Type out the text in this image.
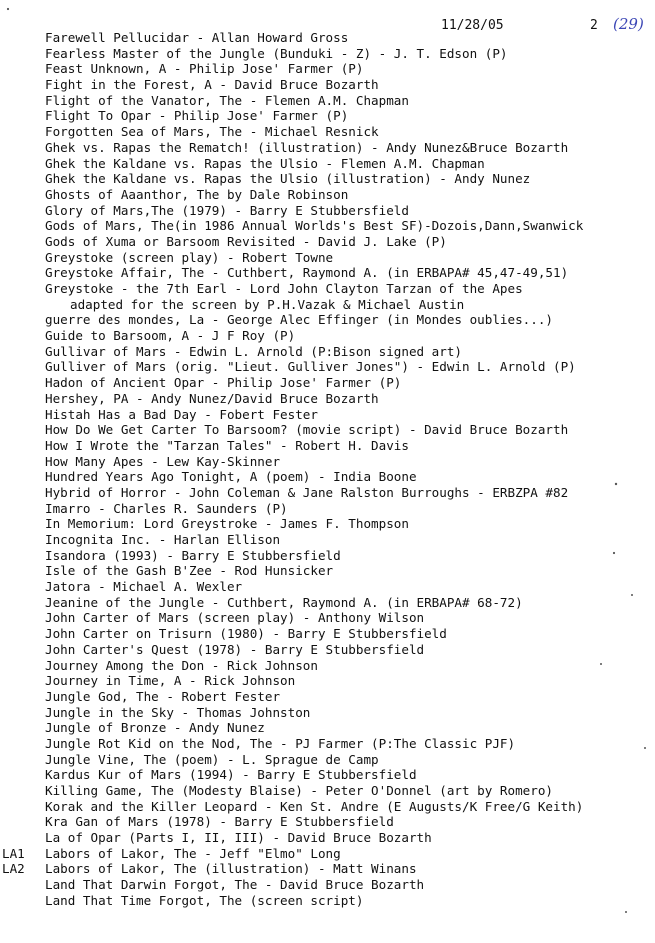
11/28/05	2 (29)
Farewell Pellucidar - Allan Howard Gross
Fearless Master of the Jungle (Bunduki - Z) - J. T. Edson (P)
Feast Unknown, A - Philip Jose' Farmer (P)
Fight in the Forest, A - David Bruce Bozarth
Flight of the Vanator, The - Flemen A.M. Chapman
Flight To Opar - Philip Jose' Farmer (P)
Forgotten Sea of Mars, The - Michael Resnick
Ghek vs. Rapas the Rematch! (illustration) - Andy Nunez&Bruce Bozarth
Ghek the Kaldane vs. Rapas the Ulsio - Flemen A.M. Chapman
Ghek the Kaldane vs. Rapas the Ulsio (illustration) - Andy Nunez
Ghosts of Aaanthor, The by Dale Robinson
Glory of Mars,The (1979) - Barry E Stubbersfield
Gods of Mars, The(in 1986 Annual Worlds's Best SF)-Dozois,Dann,Swanwick
Gods of Xuma or Barsoom Revisited - David J. Lake (P)
Greystoke (screen play) - Robert Towne
Greystoke Affair, The - Cuthbert, Raymond A. (in ERBAPA# 45,47-49,51)
Greystoke - the 7th Earl - Lord John Clayton Tarzan of the Apes
adapted for the screen by P.H.Vazak & Michael Austin
guerre des mondes, La - George Alec Effinger (in Mondes oublies...)
Guide to Barsoom, A - J F Roy (P)
Gullivar of Mars - Edwin L. Arnold (P:Bison signed art)
Gulliver of Mars (orig. "Lieut. Gulliver Jones") - Edwin L. Arnold (P)
Hadon of Ancient Opar - Philip Jose' Farmer (P)
Hershey, PA - Andy Nunez/David Bruce Bozarth
Histah Has a Bad Day - Fobert Fester
How Do We Get Carter To Barsoom? (movie script) - David Bruce Bozarth
How I Wrote the "Tarzan Tales" - Robert H. Davis
How Many Apes - Lew Kay-Skinner
Hundred Years Ago Tonight, A (poem) - India Boone
Hybrid of Horror - John Coleman & Jane Ralston Burroughs - ERBZPA #82
Imarro - Charles R. Saunders (P)
In Memorium: Lord Greystroke - James F. Thompson
Incognita Inc. - Harlan Ellison
Isandora (1993) - Barry E Stubbersfield
Isle of the Gash B'Zee - Rod Hunsicker
Jatora - Michael A. Wexler
Jeanine of the Jungle - Cuthbert, Raymond A. (in ERBAPA# 68-72)
John Carter of Mars (screen play) - Anthony Wilson
John Carter on Trisurn (1980) - Barry E Stubbersfield
John Carter's Quest (1978) - Barry E Stubbersfield
Journey Among the Don - Rick Johnson
Journey in Time, A - Rick Johnson
Jungle God, The - Robert Fester
Jungle in the Sky - Thomas Johnston
Jungle of Bronze - Andy Nunez
Jungle Rot Kid on the Nod, The - PJ Farmer (P:The Classic PJF)
Jungle Vine, The (poem) - L. Sprague de Camp
Kardus Kur of Mars (1994) - Barry E Stubbersfield
Killing Game, The (Modesty Blaise) - Peter O'Donnel (art by Romero)
Korak and the Killer Leopard - Ken St. Andre (E Augusts/K Free/G Keith)
Kra Gan of Mars (1978) - Barry E Stubbersfield
La of Opar (Parts I, II, III) - David Bruce Bozarth
LA1 Labors of Lakor, The - Jeff "Elmo" Long
LA2 Labors of Lakor, The (illustration) - Matt Winans
Land That Darwin Forgot, The - David Bruce Bozarth
Land That Time Forgot, The (screen script)
